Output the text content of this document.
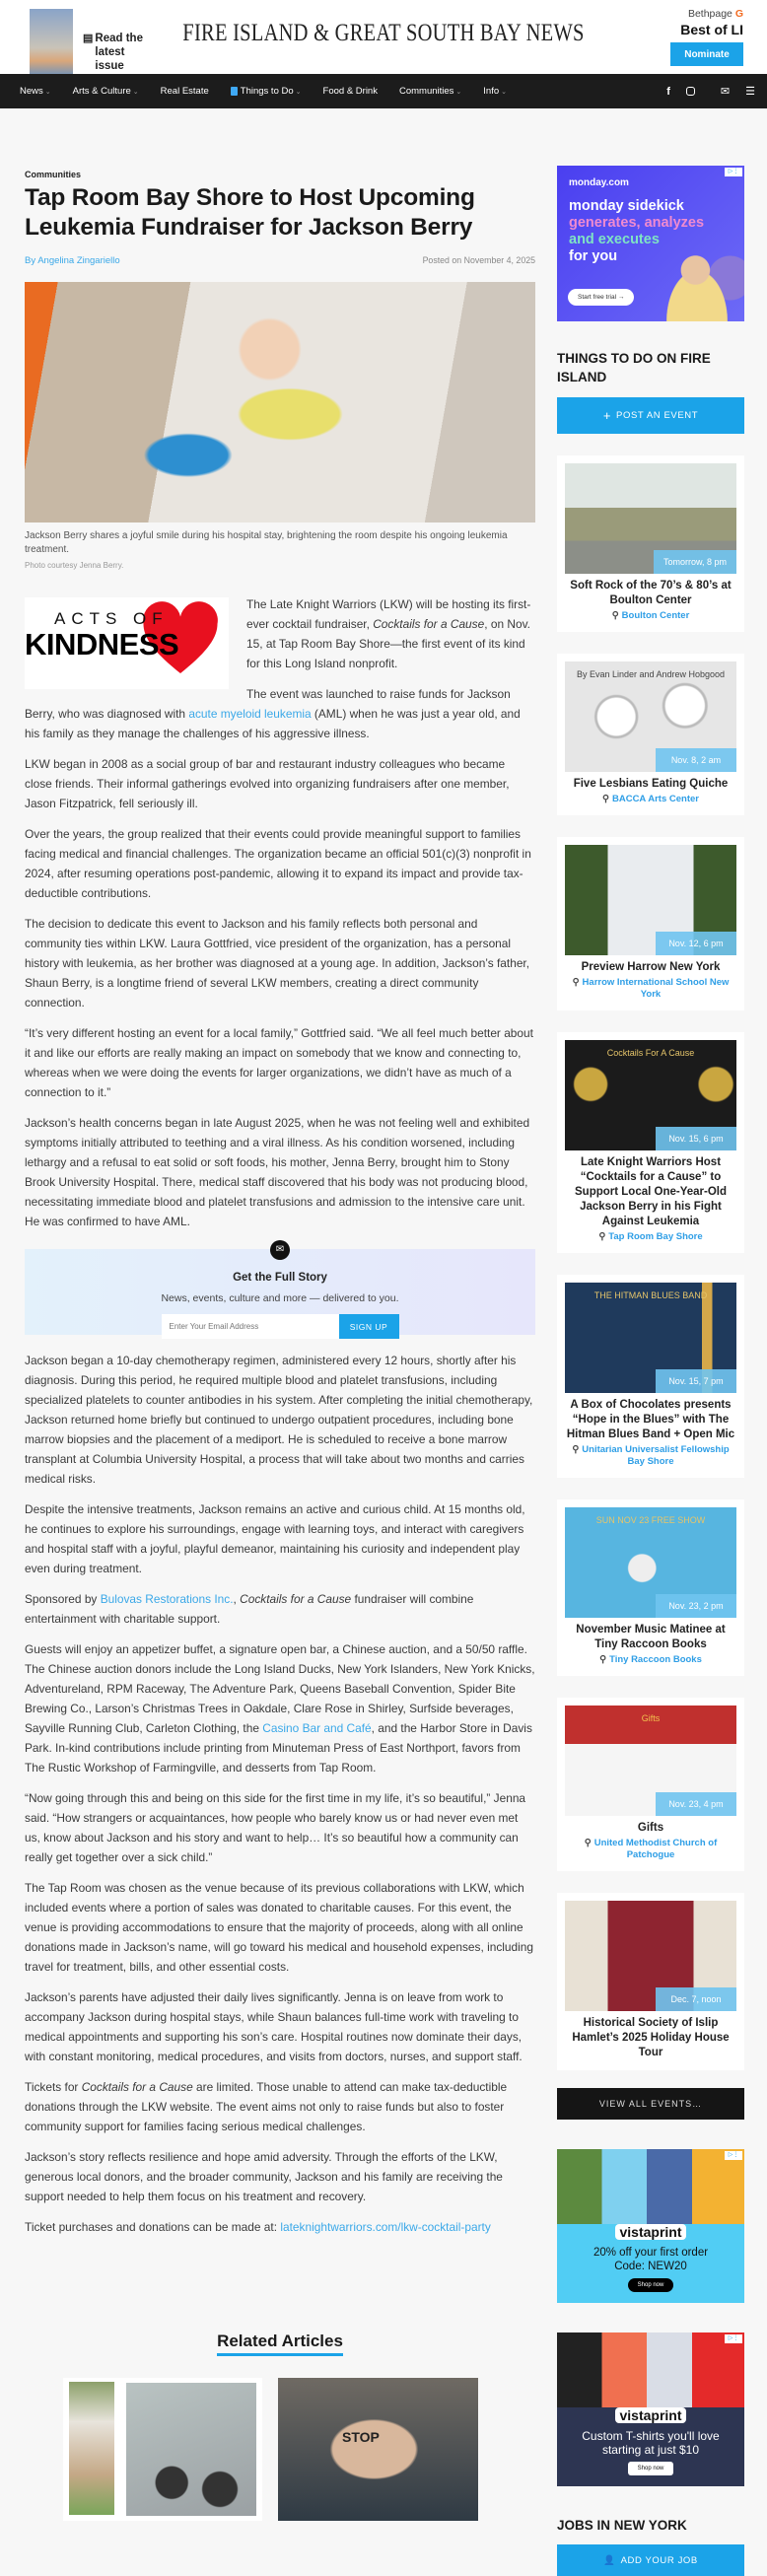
▤ Read the latest issue
FIRE ISLAND & GREAT SOUTH BAY NEWS
Bethpage G
Best of LI
Nominate
News ⌄ Arts & Culture ⌄ Real Estate	Things to Do ⌄ Food & Drink Communities ⌄ Info ⌄	f	✉ ☰
Communities
Tap Room Bay Shore to Host Upcoming Leukemia Fundraiser for Jackson Berry
By Angelina Zingariello	Posted on November 4, 2025
Jackson Berry shares a joyful smile during his hospital stay, brightening the room despite his ongoing leukemia treatment.
Photo courtesy Jenna Berry.
ACTS OF
KINDNESS

The Late Knight Warriors (LKW) will be hosting its first-ever cocktail fundraiser, Cocktails for a Cause, on Nov. 15, at Tap Room Bay Shore—the first event of its kind for this Long Island nonprofit.

The event was launched to raise funds for Jackson Berry, who was diagnosed with acute myeloid leukemia (AML) when he was just a year old, and his family as they manage the challenges of his aggressive illness.

LKW began in 2008 as a social group of bar and restaurant industry colleagues who became close friends. Their informal gatherings evolved into organizing fundraisers after one member, Jason Fitzpatrick, fell seriously ill.

Over the years, the group realized that their events could provide meaningful support to families facing medical and financial challenges. The organization became an official 501(c)(3) nonprofit in 2024, after resuming operations post-pandemic, allowing it to expand its impact and provide tax-deductible contributions.

The decision to dedicate this event to Jackson and his family reflects both personal and community ties within LKW. Laura Gottfried, vice president of the organization, has a personal history with leukemia, as her brother was diagnosed at a young age. In addition, Jackson’s father, Shaun Berry, is a longtime friend of several LKW members, creating a direct community connection.

“It’s very different hosting an event for a local family,” Gottfried said. “We all feel much better about it and like our efforts are really making an impact on somebody that we know and connecting to, whereas when we were doing the events for larger organizations, we didn’t have as much of a connection to it.”

Jackson’s health concerns began in late August 2025, when he was not feeling well and exhibited symptoms initially attributed to teething and a viral illness. As his condition worsened, including lethargy and a refusal to eat solid or soft foods, his mother, Jenna Berry, brought him to Stony Brook University Hospital. There, medical staff discovered that his body was not producing blood, necessitating immediate blood and platelet transfusions and admission to the intensive care unit. He was confirmed to have AML.

✉
Get the Full Story
News, events, culture and more — delivered to you.
Enter Your Email Address
SIGN UP

Jackson began a 10-day chemotherapy regimen, administered every 12 hours, shortly after his diagnosis. During this period, he required multiple blood and platelet transfusions, including specialized platelets to counter antibodies in his system. After completing the initial chemotherapy, Jackson returned home briefly but continued to undergo outpatient procedures, including bone marrow biopsies and the placement of a mediport. He is scheduled to receive a bone marrow transplant at Columbia University Hospital, a process that will take about two months and carries medical risks.

Despite the intensive treatments, Jackson remains an active and curious child. At 15 months old, he continues to explore his surroundings, engage with learning toys, and interact with caregivers and hospital staff with a joyful, playful demeanor, maintaining his curiosity and independent play even during treatment.

Sponsored by Bulovas Restorations Inc., Cocktails for a Cause fundraiser will combine entertainment with charitable support.

Guests will enjoy an appetizer buffet, a signature open bar, a Chinese auction, and a 50/50 raffle. The Chinese auction donors include the Long Island Ducks, New York Islanders, New York Knicks, Adventureland, RPM Raceway, The Adventure Park, Queens Baseball Convention, Spider Bite Brewing Co., Larson’s Christmas Trees in Oakdale, Clare Rose in Shirley, Surfside beverages, Sayville Running Club, Carleton Clothing, the Casino Bar and Café, and the Harbor Store in Davis Park. In-kind contributions include printing from Minuteman Press of East Northport, favors from The Rustic Workshop of Farmingville, and desserts from Tap Room.

“Now going through this and being on this side for the first time in my life, it’s so beautiful,” Jenna said. “How strangers or acquaintances, how people who barely know us or had never even met us, know about Jackson and his story and want to help… It’s so beautiful how a community can really get together over a sick child.”

The Tap Room was chosen as the venue because of its previous collaborations with LKW, which included events where a portion of sales was donated to charitable causes. For this event, the venue is providing accommodations to ensure that the majority of proceeds, along with all online donations made in Jackson’s name, will go toward his medical and household expenses, including travel for treatment, bills, and other essential costs.

Jackson’s parents have adjusted their daily lives significantly. Jenna is on leave from work to accompany Jackson during hospital stays, while Shaun balances full-time work with traveling to medical appointments and supporting his son’s care. Hospital routines now dominate their days, with constant monitoring, medical procedures, and visits from doctors, nurses, and support staff.

Tickets for Cocktails for a Cause are limited. Those unable to attend can make tax-deductible donations through the LKW website. The event aims not only to raise funds but also to foster community support for families facing serious medical challenges.

Jackson’s story reflects resilience and hope amid adversity. Through the efforts of the LKW, generous local donors, and the broader community, Jackson and his family are receiving the support needed to help them focus on his treatment and recovery.

Ticket purchases and donations can be made at: lateknightwarriors.com/lkw-cocktail-party

Related Articles
STOP
▷⋮
monday.com
monday sidekick
generates, analyzes
and executes
for you
Start free trial →
THINGS TO DO ON FIRE ISLAND
+ POST AN EVENT
Tomorrow, 8 pm
Soft Rock of the 70’s & 80’s at Boulton Center
⚲ Boulton Center
By Evan Linder and Andrew Hobgood
Nov. 8, 2 am
Five Lesbians Eating Quiche
⚲ BACCA Arts Center
Nov. 12, 6 pm
Preview Harrow New York
⚲ Harrow International School New York
Cocktails For A Cause
Nov. 15, 6 pm
Late Knight Warriors Host “Cocktails for a Cause” to Support Local One-Year-Old Jackson Berry in his Fight Against Leukemia
⚲ Tap Room Bay Shore
THE HITMAN BLUES BAND
Nov. 15, 7 pm
A Box of Chocolates presents “Hope in the Blues” with The Hitman Blues Band + Open Mic
⚲ Unitarian Universalist Fellowship Bay Shore
SUN NOV 23 FREE SHOW
Nov. 23, 2 pm
November Music Matinee at Tiny Raccoon Books
⚲ Tiny Raccoon Books
Gifts
Nov. 23, 4 pm
Gifts
⚲ United Methodist Church of Patchogue
Dec. 7, noon
Historical Society of Islip Hamlet’s 2025 Holiday House Tour
VIEW ALL EVENTS…
▷⋮
vistaprint
20% off your first order Code: NEW20
Shop now
▷⋮
vistaprint
Custom T-shirts you'll love starting at just $10
Shop now
JOBS IN NEW YORK
👤 ADD YOUR JOB
